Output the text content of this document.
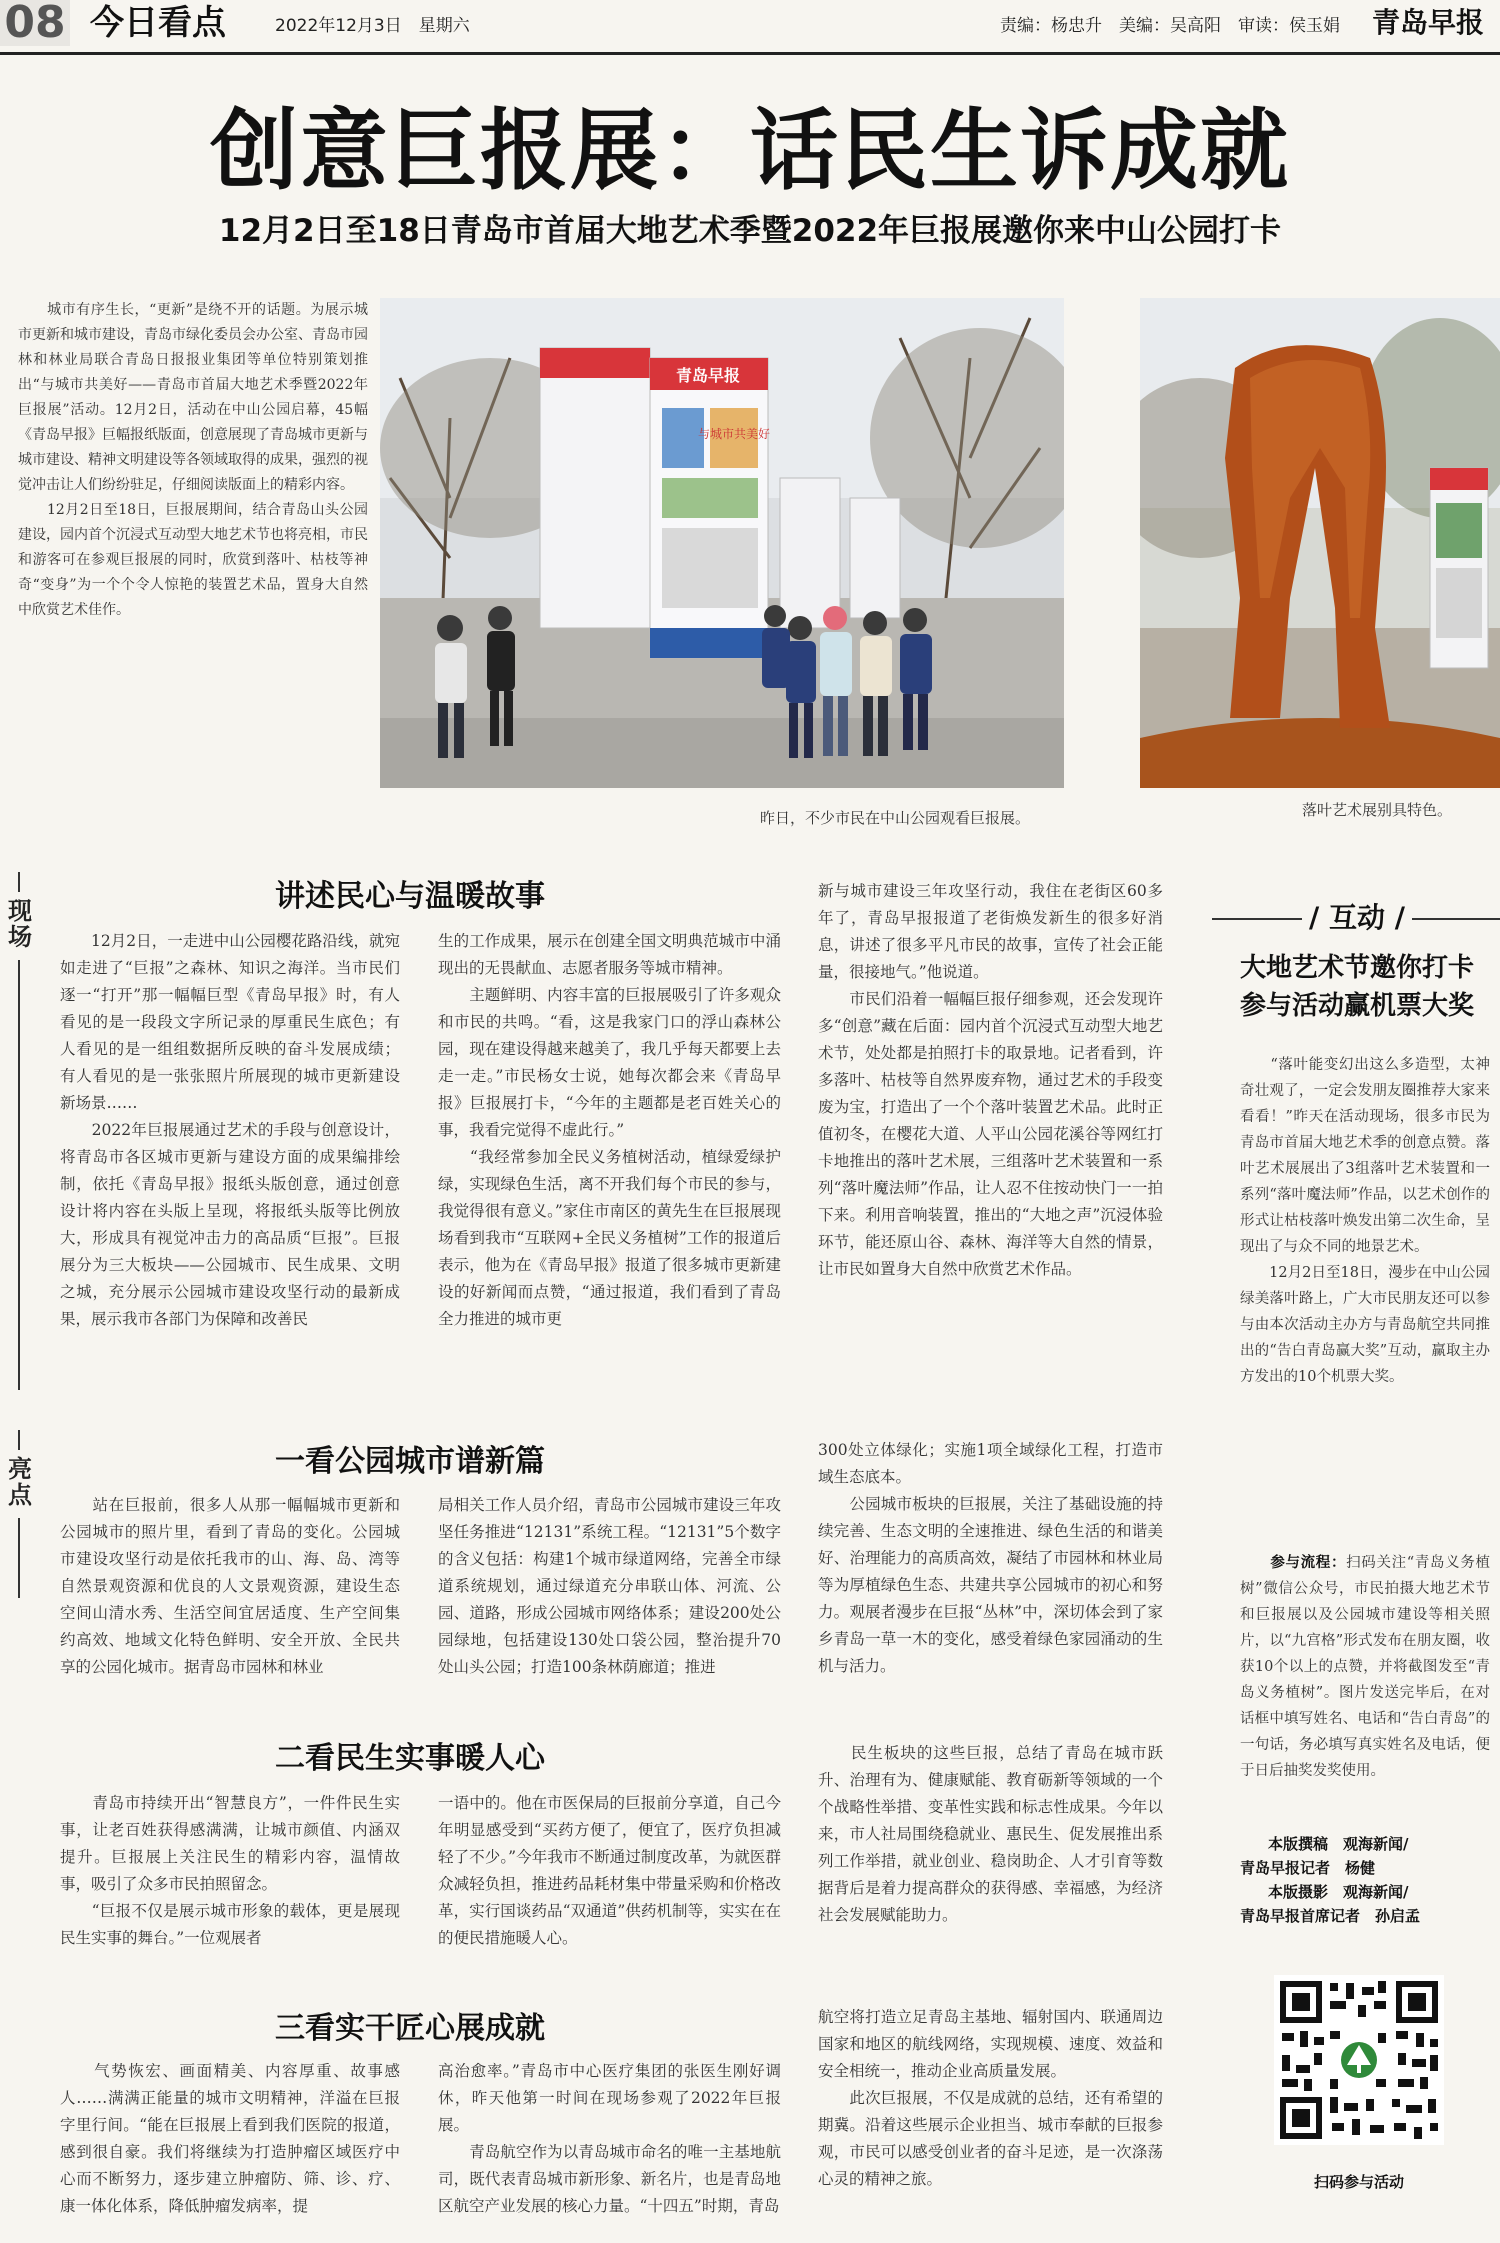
08 今日看点	2022年12月3日　星期六	责编：杨忠升　美编：吴高阳　审读：侯玉娟 青岛早报
创意巨报展：话民生诉成就
12月2日至18日青岛市首届大地艺术季暨2022年巨报展邀你来中山公园打卡
　　城市有序生长，“更新”是绕不开的话题。为展示城市更新和城市建设，青岛市绿化委员会办公室、青岛市园林和林业局联合青岛日报报业集团等单位特别策划推出“与城市共美好——青岛市首届大地艺术季暨2022年巨报展”活动。12月2日，活动在中山公园启幕，45幅《青岛早报》巨幅报纸版面，创意展现了青岛城市更新与城市建设、精神文明建设等各领域取得的成果，强烈的视觉冲击让人们纷纷驻足，仔细阅读版面上的精彩内容。
　　12月2日至18日，巨报展期间，结合青岛山头公园建设，园内首个沉浸式互动型大地艺术节也将亮相，市民和游客可在参观巨报展的同时，欣赏到落叶、枯枝等神奇“变身”为一个个令人惊艳的装置艺术品，置身大自然中欣赏艺术佳作。
青岛早报
与城市共美好
昨日，不少市民在中山公园观看巨报展。	落叶艺术展别具特色。
现场
讲述民心与温暖故事
　　12月2日，一走进中山公园樱花路沿线，就宛如走进了“巨报”之森林、知识之海洋。当市民们逐一“打开”那一幅幅巨型《青岛早报》时，有人看见的是一段段文字所记录的厚重民生底色；有人看见的是一组组数据所反映的奋斗发展成绩；有人看见的是一张张照片所展现的城市更新建设新场景……
　　2022年巨报展通过艺术的手段与创意设计，将青岛市各区城市更新与建设方面的成果编排绘制，依托《青岛早报》报纸头版创意，通过创意设计将内容在头版上呈现，将报纸头版等比例放大，形成具有视觉冲击力的高品质“巨报”。巨报展分为三大板块——公园城市、民生成果、文明之城，充分展示公园城市建设攻坚行动的最新成果，展示我市各部门为保障和改善民
生的工作成果，展示在创建全国文明典范城市中涌现出的无畏献血、志愿者服务等城市精神。
　　主题鲜明、内容丰富的巨报展吸引了许多观众和市民的共鸣。“看，这是我家门口的浮山森林公园，现在建设得越来越美了，我几乎每天都要上去走一走。”市民杨女士说，她每次都会来《青岛早报》巨报展打卡，“今年的主题都是老百姓关心的事，我看完觉得不虚此行。”
　　“我经常参加全民义务植树活动，植绿爱绿护绿，实现绿色生活，离不开我们每个市民的参与，我觉得很有意义。”家住市南区的黄先生在巨报展现场看到我市“互联网+全民义务植树”工作的报道后表示，他为在《青岛早报》报道了很多城市更新建设的好新闻而点赞，“通过报道，我们看到了青岛全力推进的城市更
新与城市建设三年攻坚行动，我住在老街区60多年了，青岛早报报道了老街焕发新生的很多好消息，讲述了很多平凡市民的故事，宣传了社会正能量，很接地气。”他说道。
　　市民们沿着一幅幅巨报仔细参观，还会发现许多“创意”藏在后面：园内首个沉浸式互动型大地艺术节，处处都是拍照打卡的取景地。记者看到，许多落叶、枯枝等自然界废弃物，通过艺术的手段变废为宝，打造出了一个个落叶装置艺术品。此时正值初冬，在樱花大道、人平山公园花溪谷等网红打卡地推出的落叶艺术展，三组落叶艺术装置和一系列“落叶魔法师”作品，让人忍不住按动快门一一拍下来。利用音响装置，推出的“大地之声”沉浸体验环节，能还原山谷、森林、海洋等大自然的情景，让市民如置身大自然中欣赏艺术作品。
亮点
一看公园城市谱新篇
　　站在巨报前，很多人从那一幅幅城市更新和公园城市的照片里，看到了青岛的变化。公园城市建设攻坚行动是依托我市的山、海、岛、湾等自然景观资源和优良的人文景观资源，建设生态空间山清水秀、生活空间宜居适度、生产空间集约高效、地域文化特色鲜明、安全开放、全民共享的公园化城市。据青岛市园林和林业
局相关工作人员介绍，青岛市公园城市建设三年攻坚任务推进“12131”系统工程。“12131”5个数字的含义包括：构建1个城市绿道网络，完善全市绿道系统规划，通过绿道充分串联山体、河流、公园、道路，形成公园城市网络体系；建设200处公园绿地，包括建设130处口袋公园，整治提升70处山头公园；打造100条林荫廊道；推进
300处立体绿化；实施1项全域绿化工程，打造市域生态底本。
　　公园城市板块的巨报展，关注了基础设施的持续完善、生态文明的全速推进、绿色生活的和谐美好、治理能力的高质高效，凝结了市园林和林业局等为厚植绿色生态、共建共享公园城市的初心和努力。观展者漫步在巨报“丛林”中，深切体会到了家乡青岛一草一木的变化，感受着绿色家园涌动的生机与活力。
二看民生实事暖人心
　　青岛市持续开出“智慧良方”，一件件民生实事，让老百姓获得感满满，让城市颜值、内涵双提升。巨报展上关注民生的精彩内容，温情故事，吸引了众多市民拍照留念。
　　“巨报不仅是展示城市形象的载体，更是展现民生实事的舞台。”一位观展者
一语中的。他在市医保局的巨报前分享道，自己今年明显感受到“买药方便了，便宜了，医疗负担减轻了不少。”今年我市不断通过制度改革，为就医群众减轻负担，推进药品耗材集中带量采购和价格改革，实行国谈药品“双通道”供药机制等，实实在在的便民措施暖人心。
　　民生板块的这些巨报，总结了青岛在城市跃升、治理有为、健康赋能、教育砺新等领域的一个个战略性举措、变革性实践和标志性成果。今年以来，市人社局围绕稳就业、惠民生、促发展推出系列工作举措，就业创业、稳岗助企、人才引育等数据背后是着力提高群众的获得感、幸福感，为经济社会发展赋能助力。
三看实干匠心展成就
　　气势恢宏、画面精美、内容厚重、故事感人……满满正能量的城市文明精神，洋溢在巨报字里行间。“能在巨报展上看到我们医院的报道，感到很自豪。我们将继续为打造肿瘤区域医疗中心而不断努力，逐步建立肿瘤防、筛、诊、疗、康一体化体系，降低肿瘤发病率，提
高治愈率。”青岛市中心医疗集团的张医生刚好调休，昨天他第一时间在现场参观了2022年巨报展。
　　青岛航空作为以青岛城市命名的唯一主基地航司，既代表青岛城市新形象、新名片，也是青岛地区航空产业发展的核心力量。“十四五”时期，青岛
航空将打造立足青岛主基地、辐射国内、联通周边国家和地区的航线网络，实现规模、速度、效益和安全相统一，推动企业高质量发展。
　　此次巨报展，不仅是成就的总结，还有希望的期冀。沿着这些展示企业担当、城市奉献的巨报参观，市民可以感受创业者的奋斗足迹，是一次涤荡心灵的精神之旅。
/ 互动 /
大地艺术节邀你打卡
参与活动赢机票大奖
　　“落叶能变幻出这么多造型，太神奇壮观了，一定会发朋友圈推荐大家来看看！”昨天在活动现场，很多市民为青岛市首届大地艺术季的创意点赞。落叶艺术展展出了3组落叶艺术装置和一系列“落叶魔法师”作品，以艺术创作的形式让枯枝落叶焕发出第二次生命，呈现出了与众不同的地景艺术。
　　12月2日至18日，漫步在中山公园绿美落叶路上，广大市民朋友还可以参与由本次活动主办方与青岛航空共同推出的“告白青岛赢大奖”互动，赢取主办方发出的10个机票大奖。

　　参与流程：扫码关注“青岛义务植树”微信公众号，市民拍摄大地艺术节和巨报展以及公园城市建设等相关照片，以“九宫格”形式发布在朋友圈，收获10个以上的点赞，并将截图发至“青岛义务植树”。图片发送完毕后，在对话框中填写姓名、电话和“告白青岛”的一句话，务必填写真实姓名及电话，便于日后抽奖发奖使用。

本版撰稿　观海新闻/
青岛早报记者　杨健
本版摄影　观海新闻/
青岛早报首席记者　孙启孟
扫码参与活动
